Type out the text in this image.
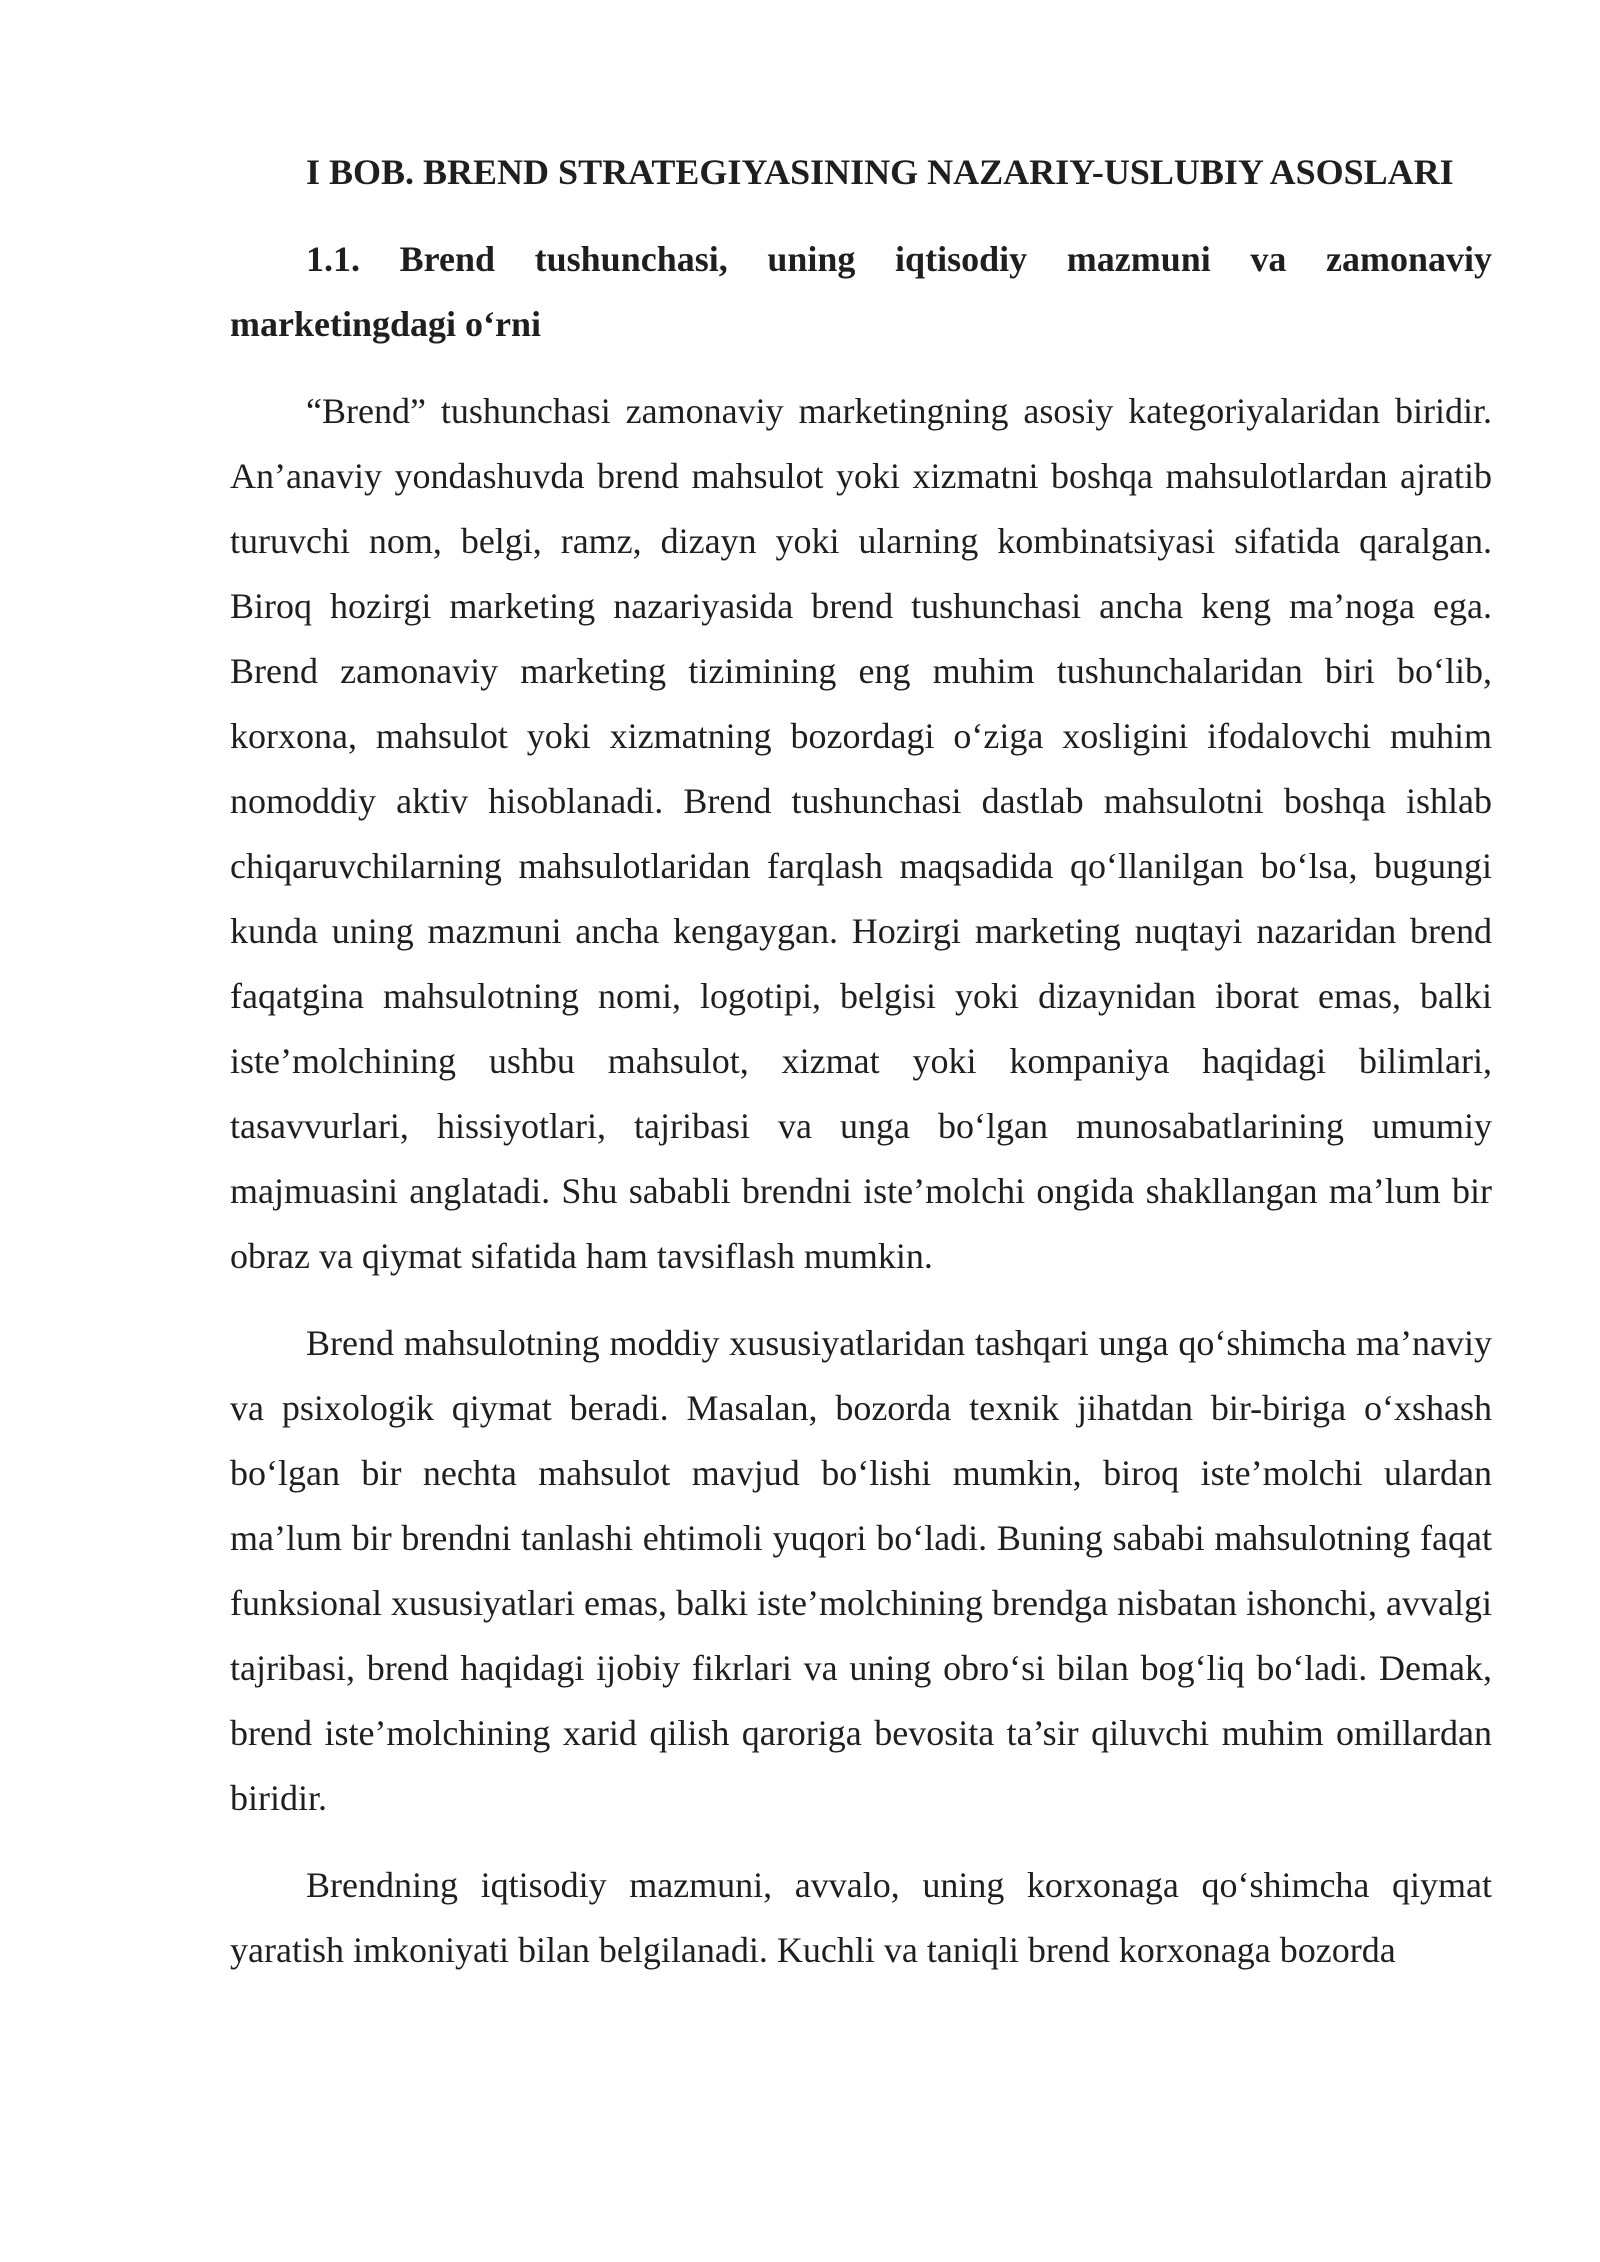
I BOB. BREND STRATEGIYASINING NAZARIY-USLUBIY ASOSLARI

1.1. Brend tushunchasi, uning iqtisodiy mazmuni va zamonaviy marketingdagi o‘rni

“Brend” tushunchasi zamonaviy marketingning asosiy kategoriyalaridan biridir. An’anaviy yondashuvda brend mahsulot yoki xizmatni boshqa mahsulotlardan ajratib turuvchi nom, belgi, ramz, dizayn yoki ularning kombinatsiyasi sifatida qaralgan. Biroq hozirgi marketing nazariyasida brend tushunchasi ancha keng ma’noga ega. Brend zamonaviy marketing tizimining eng muhim tushunchalaridan biri bo‘lib, korxona, mahsulot yoki xizmatning bozordagi o‘ziga xosligini ifodalovchi muhim nomoddiy aktiv hisoblanadi. Brend tushunchasi dastlab mahsulotni boshqa ishlab chiqaruvchilarning mahsulotlaridan farqlash maqsadida qo‘llanilgan bo‘lsa, bugungi kunda uning mazmuni ancha kengaygan. Hozirgi marketing nuqtayi nazaridan brend faqatgina mahsulotning nomi, logotipi, belgisi yoki dizaynidan iborat emas, balki iste’molchining ushbu mahsulot, xizmat yoki kompaniya haqidagi bilimlari, tasavvurlari, hissiyotlari, tajribasi va unga bo‘lgan munosabatlarining umumiy majmuasini anglatadi. Shu sababli brendni iste’molchi ongida shakllangan ma’lum bir obraz va qiymat sifatida ham tavsiflash mumkin.

Brend mahsulotning moddiy xususiyatlaridan tashqari unga qo‘shimcha ma’naviy va psixologik qiymat beradi. Masalan, bozorda texnik jihatdan bir-biriga o‘xshash bo‘lgan bir nechta mahsulot mavjud bo‘lishi mumkin, biroq iste’molchi ulardan ma’lum bir brendni tanlashi ehtimoli yuqori bo‘ladi. Buning sababi mahsulotning faqat funksional xususiyatlari emas, balki iste’molchining brendga nisbatan ishonchi, avvalgi tajribasi, brend haqidagi ijobiy fikrlari va uning obro‘si bilan bog‘liq bo‘ladi. Demak, brend iste’molchining xarid qilish qaroriga bevosita ta’sir qiluvchi muhim omillardan biridir.

Brendning iqtisodiy mazmuni, avvalo, uning korxonaga qo‘shimcha qiymat yaratish imkoniyati bilan belgilanadi. Kuchli va taniqli brend korxonaga bozorda
